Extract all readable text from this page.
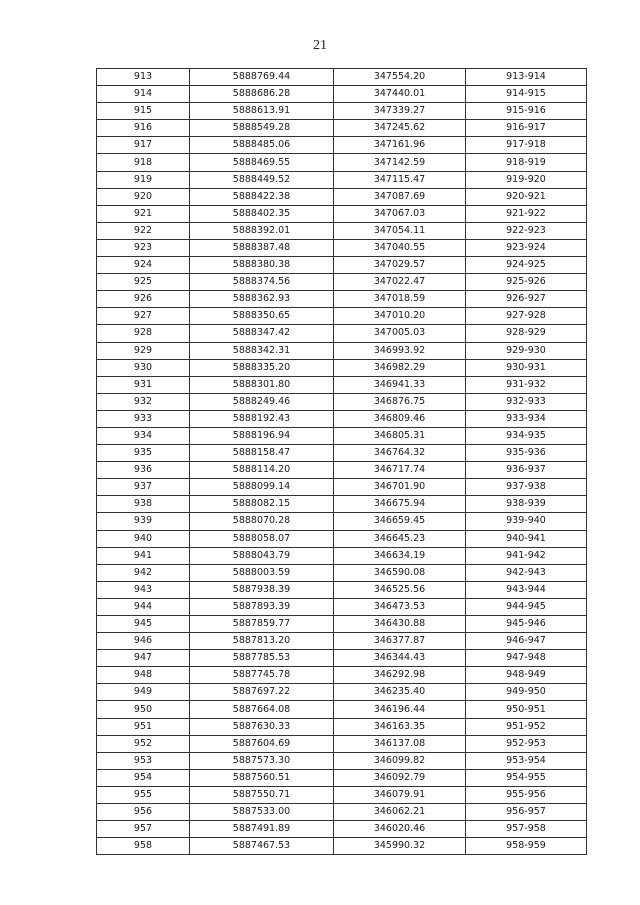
21
913	5888769.44	347554.20	913-914
914	5888686.28	347440.01	914-915
915	5888613.91	347339.27	915-916
916	5888549.28	347245.62	916-917
917	5888485.06	347161.96	917-918
918	5888469.55	347142.59	918-919
919	5888449.52	347115.47	919-920
920	5888422.38	347087.69	920-921
921	5888402.35	347067.03	921-922
922	5888392.01	347054.11	922-923
923	5888387.48	347040.55	923-924
924	5888380.38	347029.57	924-925
925	5888374.56	347022.47	925-926
926	5888362.93	347018.59	926-927
927	5888350.65	347010.20	927-928
928	5888347.42	347005.03	928-929
929	5888342.31	346993.92	929-930
930	5888335.20	346982.29	930-931
931	5888301.80	346941.33	931-932
932	5888249.46	346876.75	932-933
933	5888192.43	346809.46	933-934
934	5888196.94	346805.31	934-935
935	5888158.47	346764.32	935-936
936	5888114.20	346717.74	936-937
937	5888099.14	346701.90	937-938
938	5888082.15	346675.94	938-939
939	5888070.28	346659.45	939-940
940	5888058.07	346645.23	940-941
941	5888043.79	346634.19	941-942
942	5888003.59	346590.08	942-943
943	5887938.39	346525.56	943-944
944	5887893.39	346473.53	944-945
945	5887859.77	346430.88	945-946
946	5887813.20	346377.87	946-947
947	5887785.53	346344.43	947-948
948	5887745.78	346292.98	948-949
949	5887697.22	346235.40	949-950
950	5887664.08	346196.44	950-951
951	5887630.33	346163.35	951-952
952	5887604.69	346137.08	952-953
953	5887573.30	346099.82	953-954
954	5887560.51	346092.79	954-955
955	5887550.71	346079.91	955-956
956	5887533.00	346062.21	956-957
957	5887491.89	346020.46	957-958
958	5887467.53	345990.32	958-959
